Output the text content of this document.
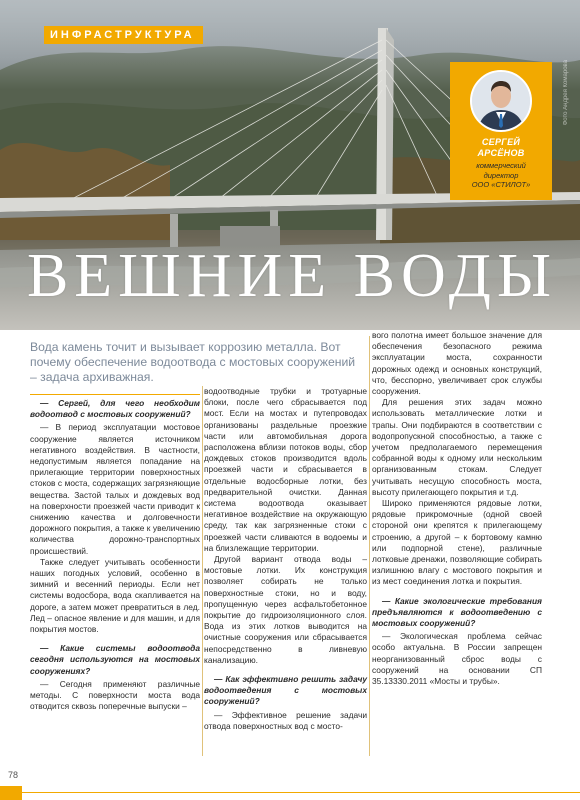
ИНФРАСТРУКТУРА
Фото Андрея Комарова
СЕРГЕЙ
АРСЁНОВ
коммерческий
директор
ООО «СТИЛОТ»
ВЕШНИЕ ВОДЫ
Вода камень точит и вызывает коррозию металла. Вот почему обеспечение водоотвода с мостовых сооружений – задача архиважная.

— Сергей, для чего необходим водоотвод с мостовых сооружений?

— В период эксплуатации мостовое сооружение является источником негативного воздействия. В частности, недопустимым является попадание на прилегающие территории поверхностных стоков с моста, содержащих загрязняющие вещества. Застой талых и дождевых вод на поверхности проезжей части приводит к снижению качества и долговечности дорожного покрытия, а также к увеличению количества дорожно-транспортных происшествий.

Также следует учитывать особенности наших погодных условий, особенно в зимний и весенний периоды. Если нет системы водосбора, вода скапливается на дороге, а затем может превратиться в лед. Лед – опасное явление и для машин, и для покрытия мостов.

— Какие системы водоотвода сегодня используются на мостовых сооружениях?

— Сегодня применяют различные методы. С поверхности моста вода отводится сквозь поперечные выпуски –

водоотводные трубки и тротуарные блоки, после чего сбрасывается под мост. Если на мостах и путепроводах организованы раздельные проезжие части или автомобильная дорога расположена вблизи потоков воды, сбор дождевых стоков производится вдоль проезжей части и сбрасывается в отдельные водосборные лотки, без предварительной очистки. Данная система водоотвода оказывает негативное воздействие на окружающую среду, так как загрязненные стоки с проезжей части сливаются в водоемы и на близлежащие территории.

Другой вариант отвода воды – мостовые лотки. Их конструкция позволяет собирать не только поверхностные стоки, но и воду, пропущенную через асфальтобетонное покрытие до гидроизоляционного слоя. Вода из этих лотков выводится на очистные сооружения или сбрасывается непосредственно в ливневую канализацию.

— Как эффективно решить задачу водоотведения с мостовых сооружений?

— Эффективное решение задачи отвода поверхностных вод с мосто-

вого полотна имеет большое значение для обеспечения безопасного режима эксплуатации моста, сохранности дорожных одежд и основных конструкций, что, бесспорно, увеличивает срок службы сооружения.

Для решения этих задач можно использовать металлические лотки и трапы. Они подбираются в соответствии с водопропускной способностью, а также с учетом предполагаемого перемещения собранной воды к одному или нескольким организованным стокам. Следует учитывать несущую способность моста, высоту прилегающего покрытия и т.д.

Широко применяются рядовые лотки, рядовые прикромочные (одной своей стороной они крепятся к прилегающему строению, а другой – к бортовому камню или подпорной стене), различные лотковые дренажи, позволяющие собирать излишнюю влагу с мостового покрытия и из мест соединения лотка и покрытия.

— Какие экологические требования предъявляются к водоотведению с мостовых сооружений?

— Экологическая проблема сейчас особо актуальна. В России запрещен неорганизованный сброс воды с сооружений на основании СП 35.13330.2011 «Мосты и трубы».

78
